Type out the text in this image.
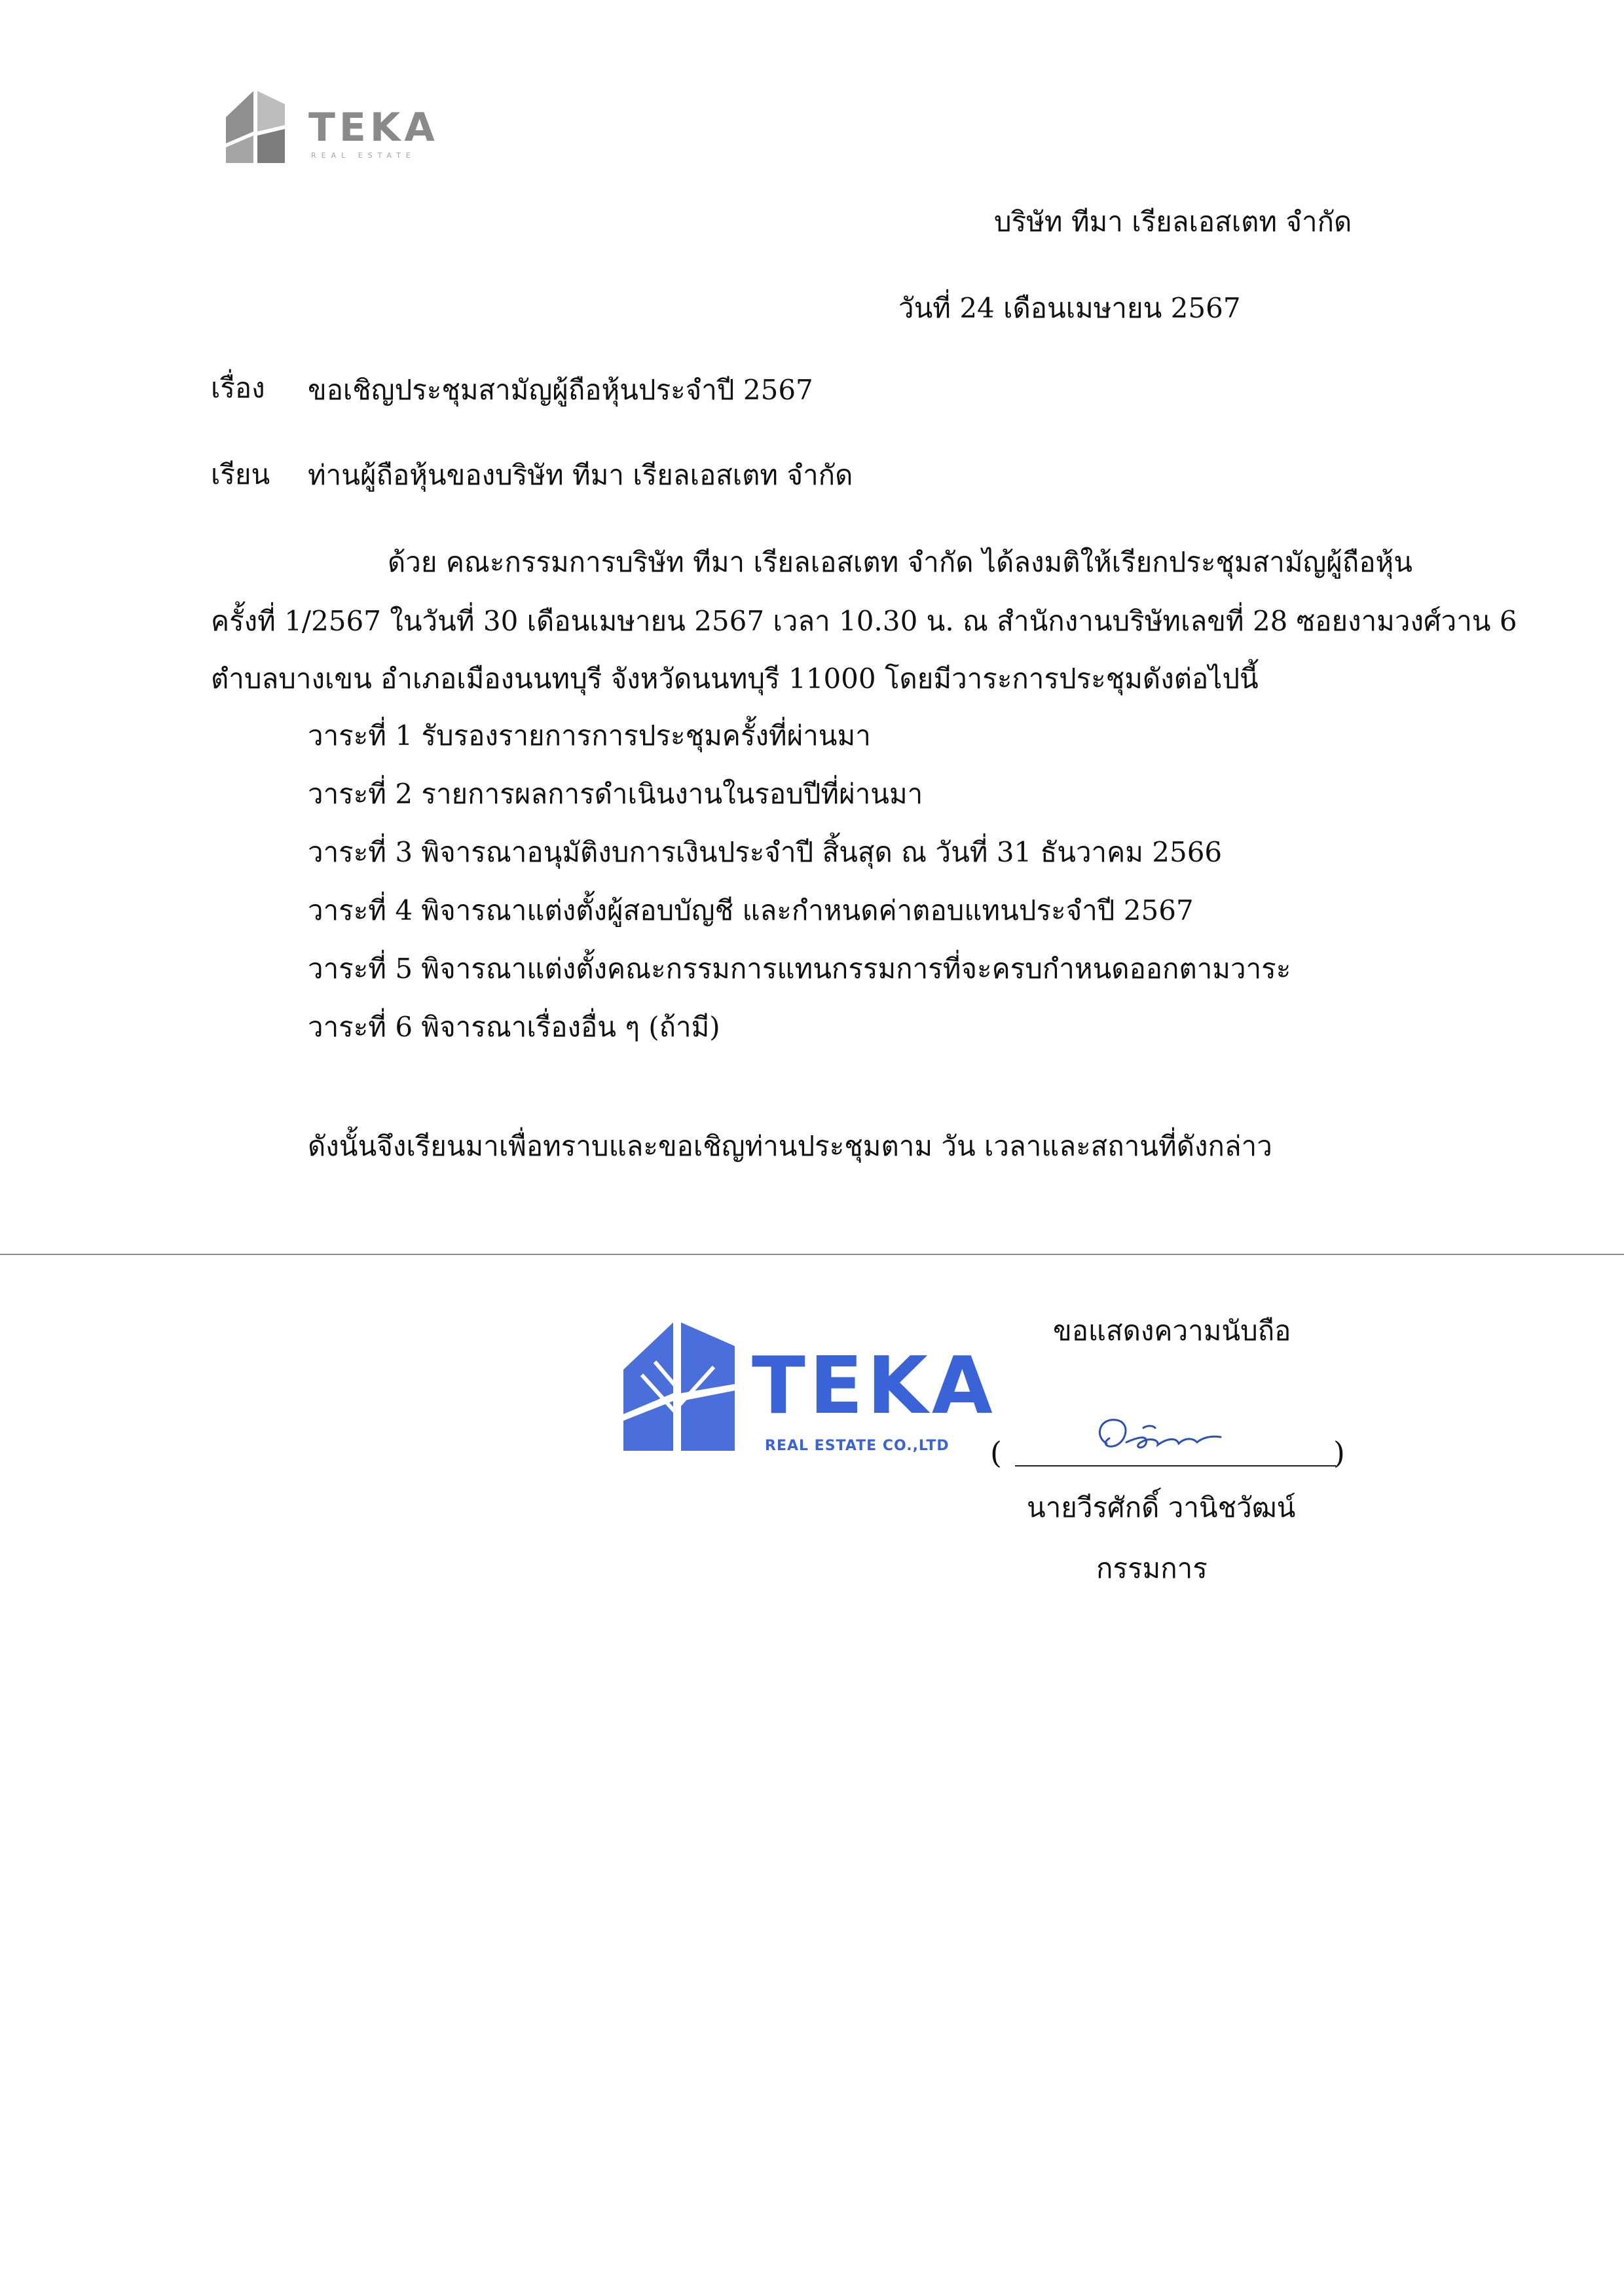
TEKA
REAL ESTATE
บริษัท ทีมา เรียลเอสเตท จำกัด
วันที่ 24 เดือนเมษายน 2567
เรื่อง ขอเชิญประชุมสามัญผู้ถือหุ้นประจำปี 2567
เรียน ท่านผู้ถือหุ้นของบริษัท ทีมา เรียลเอสเตท จำกัด
ด้วย คณะกรรมการบริษัท ทีมา เรียลเอสเตท จำกัด ได้ลงมติให้เรียกประชุมสามัญผู้ถือหุ้น
ครั้งที่ 1/2567 ในวันที่ 30 เดือนเมษายน 2567 เวลา 10.30 น. ณ สำนักงานบริษัทเลขที่ 28 ซอยงามวงศ์วาน 6
ตำบลบางเขน อำเภอเมืองนนทบุรี จังหวัดนนทบุรี 11000 โดยมีวาระการประชุมดังต่อไปนี้
วาระที่ 1 รับรองรายการการประชุมครั้งที่ผ่านมา
วาระที่ 2 รายการผลการดำเนินงานในรอบปีที่ผ่านมา
วาระที่ 3 พิจารณาอนุมัติงบการเงินประจำปี สิ้นสุด ณ วันที่ 31 ธันวาคม 2566
วาระที่ 4 พิจารณาแต่งตั้งผู้สอบบัญชี และกำหนดค่าตอบแทนประจำปี 2567
วาระที่ 5 พิจารณาแต่งตั้งคณะกรรมการแทนกรรมการที่จะครบกำหนดออกตามวาระ
วาระที่ 6 พิจารณาเรื่องอื่น ๆ (ถ้ามี)
ดังนั้นจึงเรียนมาเพื่อทราบและขอเชิญท่านประชุมตาม วัน เวลาและสถานที่ดังกล่าว
ขอแสดงความนับถือ
TEKA
REAL ESTATE CO.,LTD (	)
นายวีรศักดิ์ วานิชวัฒน์
กรรมการ
